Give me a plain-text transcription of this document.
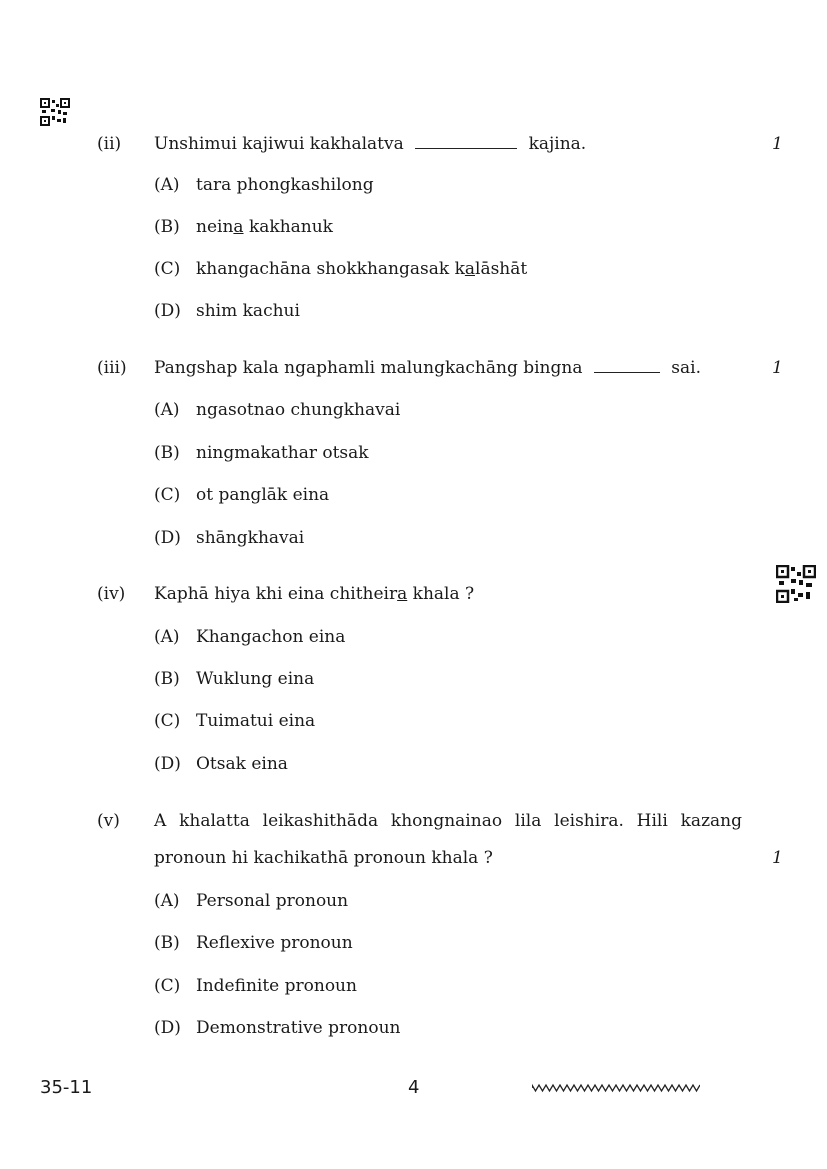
(ii) Unshimui kajiwui kakhalatva	kajina.	1
(A) tara phongkashilong
(B) neina kakhanuk
(C) khangachāna shokkhangasak kalāshāt
(D) shim kachui
(iii) Pangshap kala ngaphamli malungkachāng bingna	sai.	1
(A) ngasotnao chungkhavai
(B) ningmakathar otsak
(C) ot panglāk eina
(D) shāngkhavai
(iv) Kaphā hiya khi eina chitheira khala ?
(A) Khangachon eina
(B) Wuklung eina
(C) Tuimatui eina
(D) Otsak eina
(v) A khalatta leikashithāda khongnainao lila leishira. Hili kazang
pronoun hi kachikathā pronoun khala ?	1
(A) Personal pronoun
(B) Reflexive pronoun
(C) Indefinite pronoun
(D) Demonstrative pronoun
35-11	4
